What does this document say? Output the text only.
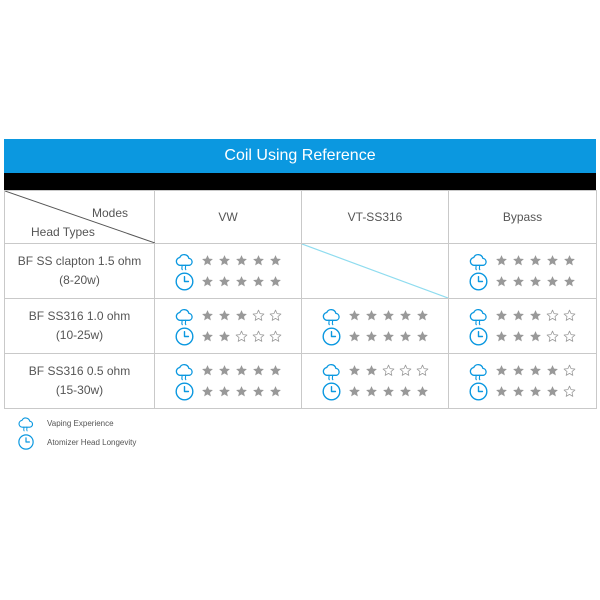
Coil Using Reference
Modes
Head Types	VW	VT-SS316	Bypass

BF SS clapton 1.5 ohm
(8-20w)

BF SS316 1.0 ohm
(10-25w)

BF SS316 0.5 ohm
(15-30w)

Vaping Experience
Atomizer Head Longevity
